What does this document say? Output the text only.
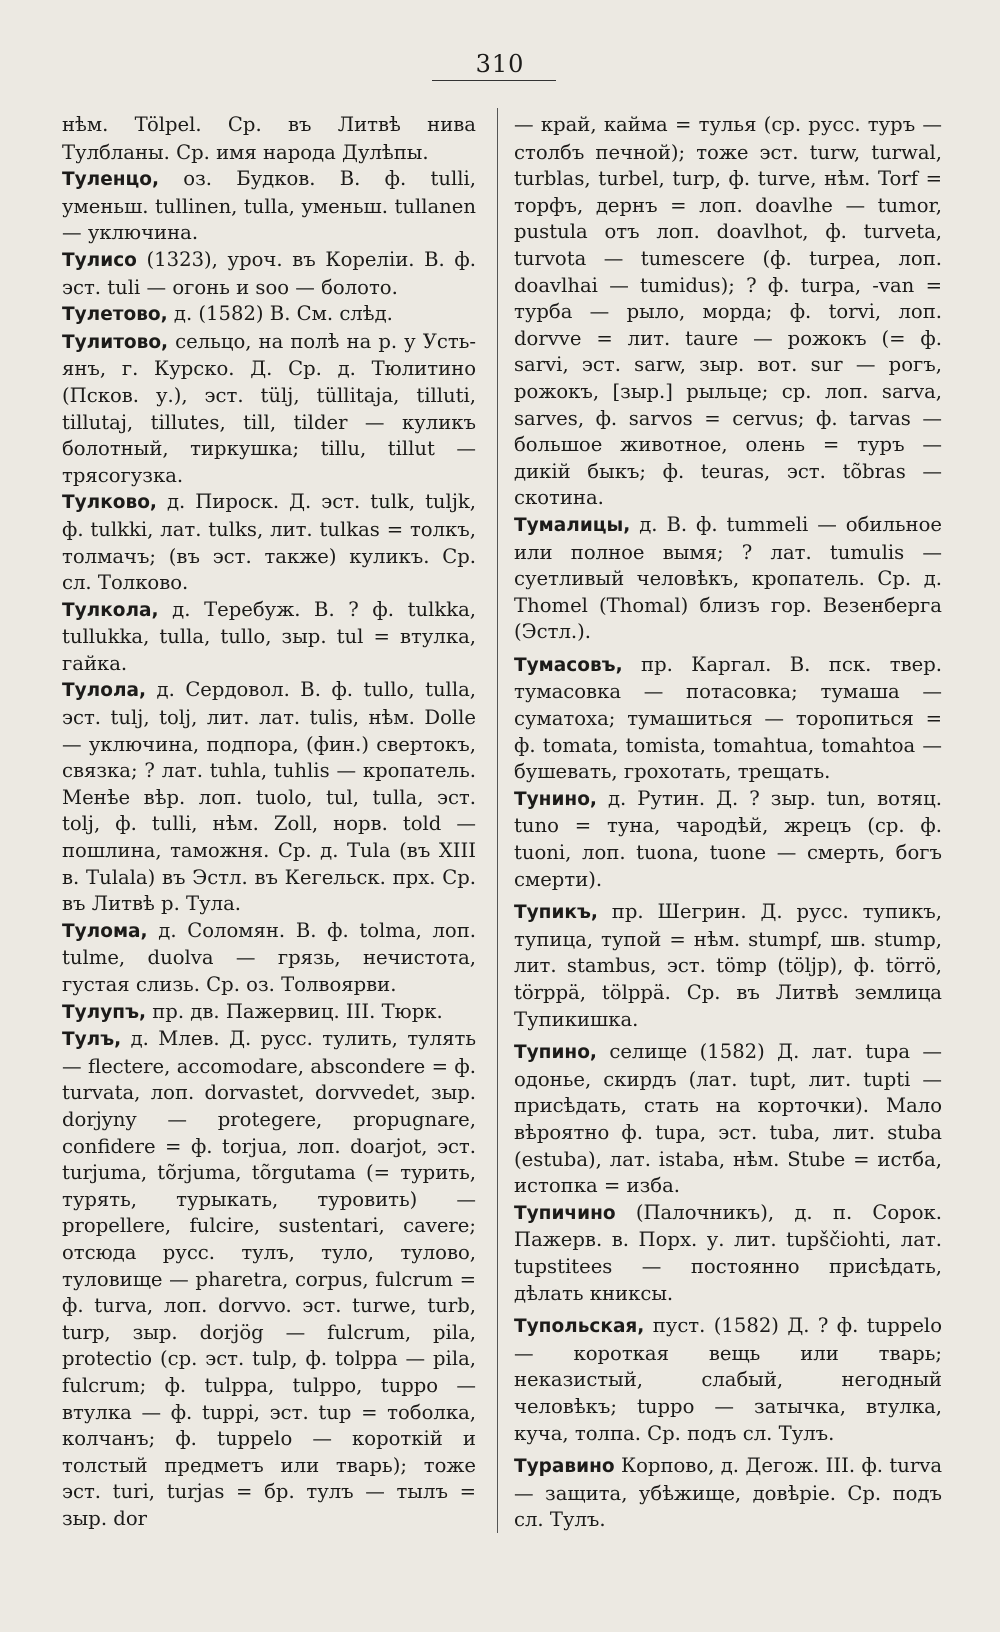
310

нѣм. Tölpel. Ср. въ Литвѣ нива Тулбланы. Ср. имя народа Дулѣпы.

Туленцо, оз. Будков. В. ф. tulli, уменьш. tullinen, tulla, уменьш. tullanen — уключина.

Тулисо (1323), уроч. въ Кореліи. В. ф. эст. tuli — огонь и soo — болото.

Тулетово, д. (1582) В. См. слѣд.

Тулитово, сельцо, на полѣ на р. у Усть-янъ, г. Курско. Д. Ср. д. Тюлитино (Псков. у.), эст. tülj, tüllitaja, tilluti, tillutaj, tillutes, till, tilder — куликъ болотный, тиркушка; tillu, tillut — трясогузка.

Тулково, д. Пироск. Д. эст. tulk, tuljk, ф. tulkki, лат. tulks, лит. tulkas = толкъ, толмачъ; (въ эст. также) куликъ. Ср. сл. Толково.

Тулкола, д. Теребуж. В. ? ф. tulkka, tullukka, tulla, tullo, зыр. tul = втулка, гайка.

Тулола, д. Сердовол. В. ф. tullo, tulla, эст. tulj, tolj, лит. лат. tulis, нѣм. Dolle — уключина, подпора, (фин.) свертокъ, связка; ? лат. tuhla, tuhlis — кропатель. Менѣе вѣр. лоп. tuolo, tul, tulla, эст. tolj, ф. tulli, нѣм. Zoll, норв. told — пошлина, таможня. Ср. д. Tula (въ XIII в. Tulala) въ Эстл. въ Кегельск. прх. Ср. въ Литвѣ р. Тула.

Тулома, д. Соломян. В. ф. tolma, лоп. tulme, duolva — грязь, нечистота, густая слизь. Ср. оз. Толвоярви.

Тулупъ, пр. дв. Пажервиц. III. Тюрк.

Тулъ, д. Млев. Д. русс. тулить, тулять — flectere, accomodare, abscondere = ф. turvata, лоп. dorvastet, dorvvedet, зыр. dorjyny — protegere, propugnare, confidere = ф. torjua, лоп. doarjot, эст. turjuma, tõrjuma, tõrgutama (= турить, турять, турыкать, туровить) — propellere, fulcire, sustentari, cavere; отсюда русс. тулъ, туло, тулово, туловище — pharetra, corpus, fulcrum = ф. turva, лоп. dorvvo. эст. turwe, turb, turp, зыр. dorjög — fulcrum, pila, protectio (ср. эст. tulp, ф. tolppa — pila, fulcrum; ф. tulppa, tulppo, tuppo — втулка — ф. tuppi, эст. tup = тоболка, колчанъ; ф. tuppelo — короткій и толстый предметъ или тварь); тоже эст. turi, turjas = бр. тулъ — тылъ = зыр. dor

— край, кайма = тулья (ср. русс. туръ — столбъ печной); тоже эст. turw, turwal, turblas, turbel, turp, ф. turve, нѣм. Torf = торфъ, дернъ = лоп. doavlhe — tumor, pustula отъ лоп. doavlhot, ф. turveta, turvota — tumescere (ф. turpea, лоп. doavlhai — tumidus); ? ф. turpa, -van = турба — рыло, морда; ф. torvi, лоп. dorvve = лит. taure — рожокъ (= ф. sarvi, эст. sarw, зыр. вот. sur — рогъ, рожокъ, [зыр.] рыльце; ср. лоп. sarva, sarves, ф. sarvos = cervus; ф. tarvas — большое животное, олень = туръ — дикій быкъ; ф. teuras, эст. tõbras — скотина.

Тумалицы, д. В. ф. tummeli — обильное или полное вымя; ? лат. tumulis — суетливый человѣкъ, кропатель. Ср. д. Thomel (Thomal) близъ гор. Везенберга (Эстл.).

Тумасовъ, пр. Каргал. В. пск. твер. тумасовка — потасовка; тумаша — суматоха; тумашиться — торопиться = ф. tomata, tomista, tomahtua, tomahtoa — бушевать, грохотать, трещать.

Тунино, д. Рутин. Д. ? зыр. tun, вотяц. tuno = туна, чародѣй, жрецъ (ср. ф. tuoni, лоп. tuona, tuone — смерть, богъ смерти).

Тупикъ, пр. Шегрин. Д. русс. тупикъ, тупица, тупой = нѣм. stumpf, шв. stump, лит. stambus, эст. tömp (töljp), ф. törrö, törppä, tölppä. Ср. въ Литвѣ землица Тупикишка.

Тупино, селище (1582) Д. лат. tupa — одонье, скирдъ (лат. tupt, лит. tupti — присѣдать, стать на корточки). Мало вѣроятно ф. tupa, эст. tuba, лит. stuba (estuba), лат. istaba, нѣм. Stube = истба, истопка = изба.

Тупичино (Палочникъ), д. п. Сорок. Пажерв. в. Порх. у. лит. tupščiohti, лат. tupstitees — постоянно присѣдать, дѣлать книксы.

Тупольская, пуст. (1582) Д. ? ф. tuppelo — короткая вещь или тварь; неказистый, слабый, негодный человѣкъ; tuppo — затычка, втулка, куча, толпа. Ср. подъ сл. Тулъ.

Туравино Корпово, д. Дегож. III. ф. turva — защита, убѣжище, довѣріе. Ср. подъ сл. Тулъ.
